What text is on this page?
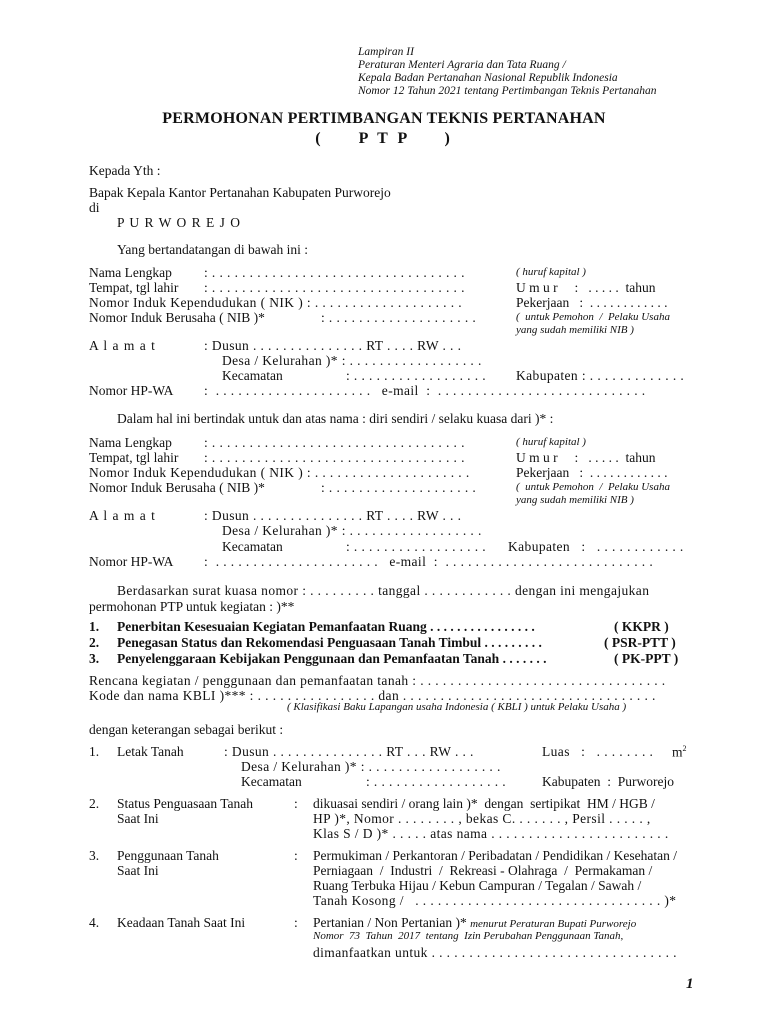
Lampiran II
Peraturan Menteri Agraria dan Tata Ruang /
Kepala Badan Pertanahan Nasional Republik Indonesia
Nomor 12 Tahun 2021 tentang Pertimbangan Teknis Pertanahan
PERMOHONAN PERTIMBANGAN TEKNIS PERTANAHAN
(     P T P     )
Kepada Yth :
Bapak Kepala Kantor Pertanahan Kabupaten Purworejo
di
P U R W O R E J O
Yang bertandatangan di bawah ini :
Nama Lengkap : . . . . . . . . . . . . . . . . . . . . . . . . . . . . . . . . . .	( huruf kapital )
Tempat, tgl lahir : . . . . . . . . . . . . . . . . . . . . . . . . . . . . . . . . . .	U m u r     :   . . . . .  tahun
Nomor Induk Kependudukan ( NIK ) : . . . . . . . . . . . . . . . . . . . .	Pekerjaan   :  . . . . . . . . . . . .
Nomor Induk Berusaha ( NIB )*	: . . . . . . . . . . . . . . . . . . . .	(  untuk Pemohon  /  Pelaku Usaha
yang sudah memiliki NIB )
A l a m a t	: Dusun . . . . . . . . . . . . . . . RT . . . . RW . . .
Desa / Kelurahan )* : . . . . . . . . . . . . . . . . . .
Kecamatan	: . . . . . . . . . . . . . . . . . . Kabupaten : . . . . . . . . . . . . .
Nomor HP-WA :  . . . . . . . . . . . . . . . . . . . . .   e-mail  :  . . . . . . . . . . . . . . . . . . . . . . . . . . . .
Dalam hal ini bertindak untuk dan atas nama : diri sendiri / selaku kuasa dari )* :
Nama Lengkap : . . . . . . . . . . . . . . . . . . . . . . . . . . . . . . . . . .	( huruf kapital )
Tempat, tgl lahir : . . . . . . . . . . . . . . . . . . . . . . . . . . . . . . . . . .	U m u r     :   . . . . .  tahun
Nomor Induk Kependudukan ( NIK ) : . . . . . . . . . . . . . . . . . . . . .	Pekerjaan   :  . . . . . . . . . . . .
Nomor Induk Berusaha ( NIB )*	: . . . . . . . . . . . . . . . . . . . .	(  untuk Pemohon  /  Pelaku Usaha
yang sudah memiliki NIB )
A l a m a t	: Dusun . . . . . . . . . . . . . . . RT . . . . RW . . .
Desa / Kelurahan )* : . . . . . . . . . . . . . . . . . .
Kecamatan	: . . . . . . . . . . . . . . . . . . Kabupaten   :   . . . . . . . . . . . .
Nomor HP-WA :  . . . . . . . . . . . . . . . . . . . . . .   e-mail  :  . . . . . . . . . . . . . . . . . . . . . . . . . . . .
Berdasarkan surat kuasa nomor : . . . . . . . . . tanggal . . . . . . . . . . . . dengan ini mengajukan
permohonan PTP untuk kegiatan : )**
1. Penerbitan Kesesuaian Kegiatan Pemanfaatan Ruang . . . . . . . . . . . . . . . .	( KKPR )
2. Penegasan Status dan Rekomendasi Penguasaan Tanah Timbul . . . . . . . . .	( PSR-PTT )
3. Penyelenggaraan Kebijakan Penggunaan dan Pemanfaatan Tanah . . . . . . .	( PK-PPT )
Rencana kegiatan / penggunaan dan pemanfaatan tanah : . . . . . . . . . . . . . . . . . . . . . . . . . . . . . . . . .
Kode dan nama KBLI )*** : . . . . . . . . . . . . . . . . dan . . . . . . . . . . . . . . . . . . . . . . . . . . . . . . . . . .
( Klasifikasi Baku Lapangan usaha Indonesia ( KBLI ) untuk Pelaku Usaha )
dengan keterangan sebagai berikut :
1. Letak Tanah	: Dusun . . . . . . . . . . . . . . . RT . . . RW . . .	Luas   :   . . . . . . . . $m^2$
Desa / Kelurahan )* : . . . . . . . . . . . . . . . . . .
Kecamatan	: . . . . . . . . . . . . . . . . . .	Kabupaten  :  Purworejo
2. Status Penguasaan Tanah
Saat Ini
: dikuasai sendiri / orang lain )*  dengan  sertipikat  HM / HGB /
HP )*, Nomor . . . . . . . . , bekas C. . . . . . . , Persil . . . . . ,
Klas S / D )* . . . . . atas nama . . . . . . . . . . . . . . . . . . . . . . . .
3. Penggunaan Tanah
Saat Ini
: Permukiman / Perkantoran / Peribadatan / Pendidikan / Kesehatan /
Perniagaan  /  Industri  /  Rekreasi - Olahraga  /  Permakaman /
Ruang Terbuka Hijau / Kebun Campuran / Tegalan / Sawah /
Tanah Kosong /   . . . . . . . . . . . . . . . . . . . . . . . . . . . . . . . . . )*
4. Keadaan Tanah Saat Ini	: Pertanian / Non Pertanian )* menurut Peraturan Bupati Purworejo
Nomor  73  Tahun  2017  tentang  Izin Perubahan Penggunaan Tanah,
dimanfaatkan untuk . . . . . . . . . . . . . . . . . . . . . . . . . . . . . . . . .
1
